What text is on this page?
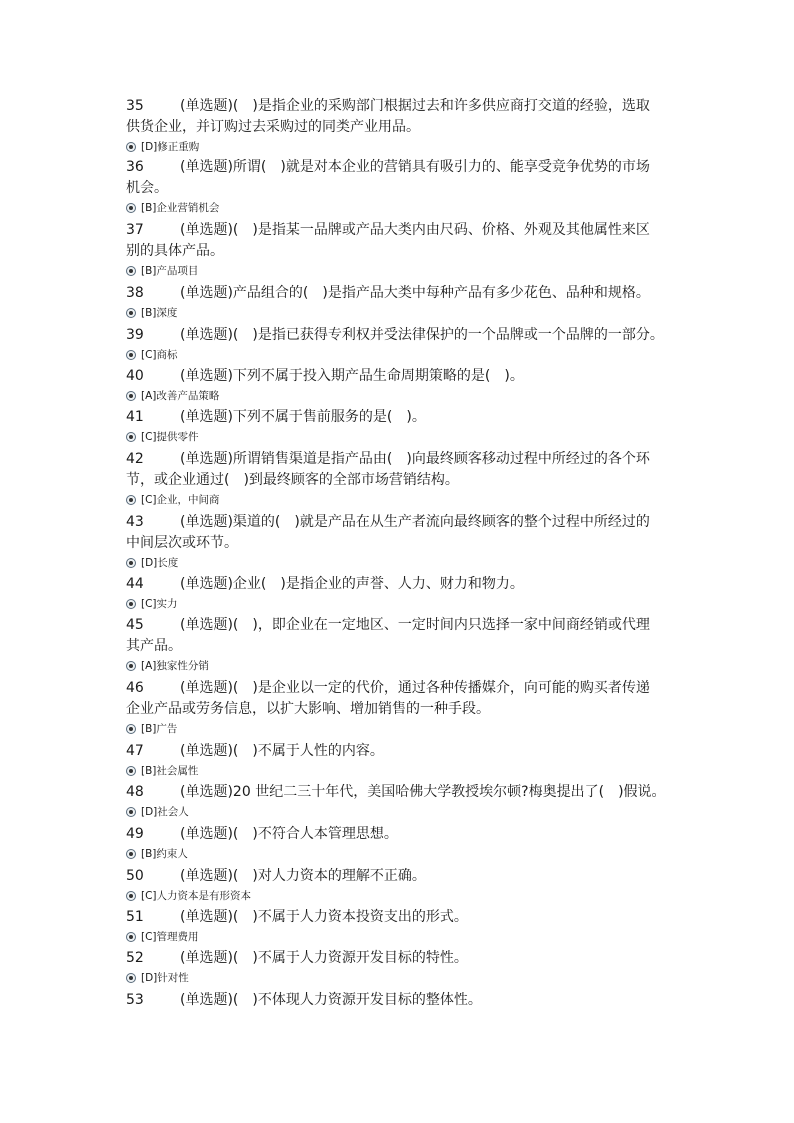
35	(单选题)(　)是指企业的采购部门根据过去和许多供应商打交道的经验，选取
供货企业，并订购过去采购过的同类产业用品。
[D]修正重购
36	(单选题)所谓(　)就是对本企业的营销具有吸引力的、能享受竞争优势的市场
机会。
[B]企业营销机会
37	(单选题)(　)是指某一品牌或产品大类内由尺码、价格、外观及其他属性来区
别的具体产品。
[B]产品项目
38	(单选题)产品组合的(　)是指产品大类中每种产品有多少花色、品种和规格。
[B]深度
39	(单选题)(　)是指已获得专利权并受法律保护的一个品牌或一个品牌的一部分。
[C]商标
40	(单选题)下列不属于投入期产品生命周期策略的是(　)。
[A]改善产品策略
41	(单选题)下列不属于售前服务的是(　)。
[C]提供零件
42	(单选题)所谓销售渠道是指产品由(　)向最终顾客移动过程中所经过的各个环
节，或企业通过(　)到最终顾客的全部市场营销结构。
[C]企业，中间商
43	(单选题)渠道的(　)就是产品在从生产者流向最终顾客的整个过程中所经过的
中间层次或环节。
[D]长度
44	(单选题)企业(　)是指企业的声誉、人力、财力和物力。
[C]实力
45	(单选题)(　)，即企业在一定地区、一定时间内只选择一家中间商经销或代理
其产品。
[A]独家性分销
46	(单选题)(　)是企业以一定的代价，通过各种传播媒介，向可能的购买者传递
企业产品或劳务信息，以扩大影响、增加销售的一种手段。
[B]广告
47	(单选题)(　)不属于人性的内容。
[B]社会属性
48	(单选题)20 世纪二三十年代，美国哈佛大学教授埃尔顿?梅奥提出了(　)假说。
[D]社会人
49	(单选题)(　)不符合人本管理思想。
[B]约束人
50	(单选题)(　)对人力资本的理解不正确。
[C]人力资本是有形资本
51	(单选题)(　)不属于人力资本投资支出的形式。
[C]管理费用
52	(单选题)(　)不属于人力资源开发目标的特性。
[D]针对性
53	(单选题)(　)不体现人力资源开发目标的整体性。
